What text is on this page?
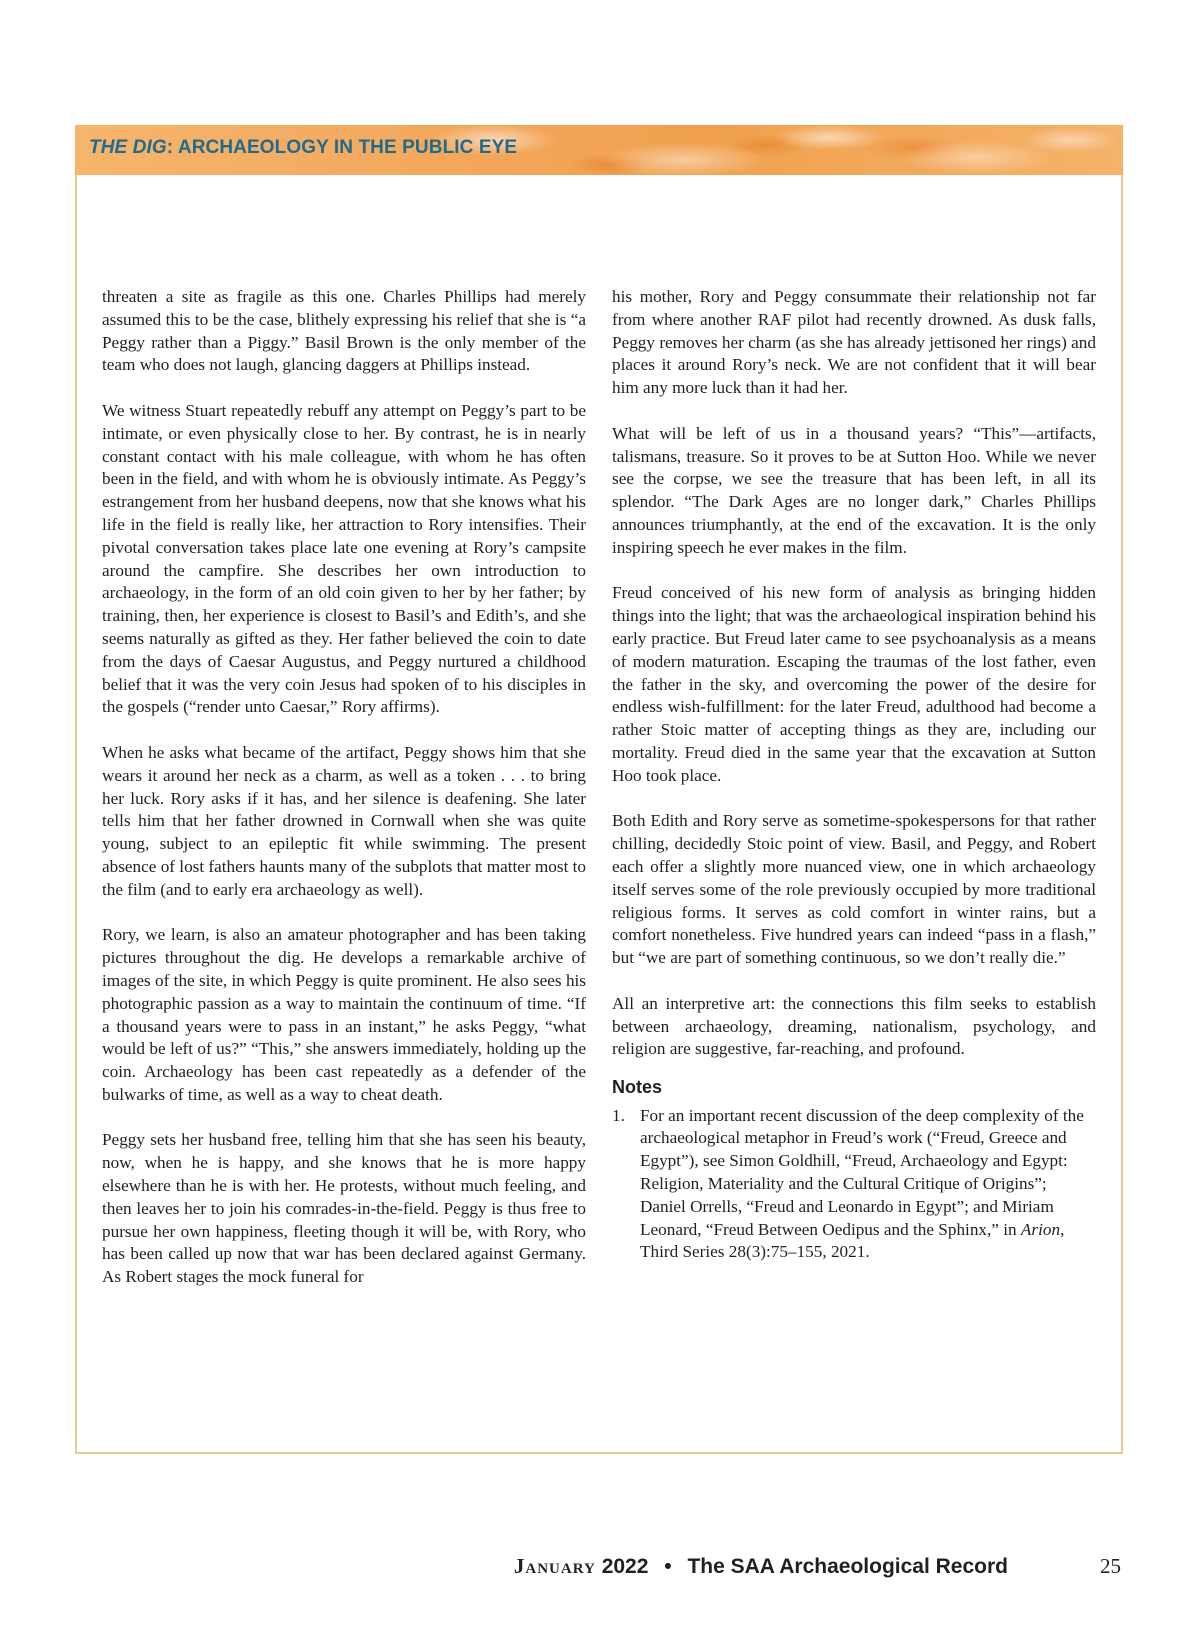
THE DIG: ARCHAEOLOGY IN THE PUBLIC EYE

threaten a site as fragile as this one. Charles Phillips had merely assumed this to be the case, blithely expressing his relief that she is “a Peggy rather than a Piggy.” Basil Brown is the only member of the team who does not laugh, glancing daggers at Phillips instead.

We witness Stuart repeatedly rebuff any attempt on Peggy’s part to be intimate, or even physically close to her. By contrast, he is in nearly constant contact with his male colleague, with whom he has often been in the field, and with whom he is obviously intimate. As Peggy’s estrangement from her husband deepens, now that she knows what his life in the field is really like, her attraction to Rory intensifies. Their pivotal conversation takes place late one evening at Rory’s campsite around the campfire. She describes her own introduction to archaeology, in the form of an old coin given to her by her father; by training, then, her experience is closest to Basil’s and Edith’s, and she seems naturally as gifted as they. Her father believed the coin to date from the days of Caesar Augustus, and Peggy nurtured a childhood belief that it was the very coin Jesus had spoken of to his disciples in the gospels (“render unto Caesar,” Rory affirms).

When he asks what became of the artifact, Peggy shows him that she wears it around her neck as a charm, as well as a token . . . to bring her luck. Rory asks if it has, and her silence is deafening. She later tells him that her father drowned in Cornwall when she was quite young, subject to an epileptic fit while swimming. The present absence of lost fathers haunts many of the subplots that matter most to the film (and to early era archaeology as well).

Rory, we learn, is also an amateur photographer and has been taking pictures throughout the dig. He develops a remarkable archive of images of the site, in which Peggy is quite prominent. He also sees his photographic passion as a way to maintain the continuum of time. “If a thousand years were to pass in an instant,” he asks Peggy, “what would be left of us?” “This,” she answers immediately, holding up the coin. Archaeology has been cast repeatedly as a defender of the bulwarks of time, as well as a way to cheat death.

Peggy sets her husband free, telling him that she has seen his beauty, now, when he is happy, and she knows that he is more happy elsewhere than he is with her. He protests, without much feeling, and then leaves her to join his comrades-in-the-field. Peggy is thus free to pursue her own happiness, fleeting though it will be, with Rory, who has been called up now that war has been declared against Germany. As Robert stages the mock funeral for

his mother, Rory and Peggy consummate their relationship not far from where another RAF pilot had recently drowned. As dusk falls, Peggy removes her charm (as she has already jettisoned her rings) and places it around Rory’s neck. We are not confident that it will bear him any more luck than it had her.

What will be left of us in a thousand years? “This”—artifacts, talismans, treasure. So it proves to be at Sutton Hoo. While we never see the corpse, we see the treasure that has been left, in all its splendor. “The Dark Ages are no longer dark,” Charles Phillips announces triumphantly, at the end of the excavation. It is the only inspiring speech he ever makes in the film.

Freud conceived of his new form of analysis as bringing hidden things into the light; that was the archaeological inspiration behind his early practice. But Freud later came to see psychoanalysis as a means of modern maturation. Escaping the traumas of the lost father, even the father in the sky, and overcoming the power of the desire for endless wish-fulfillment: for the later Freud, adulthood had become a rather Stoic matter of accepting things as they are, including our mortality. Freud died in the same year that the excavation at Sutton Hoo took place.

Both Edith and Rory serve as sometime-spokespersons for that rather chilling, decidedly Stoic point of view. Basil, and Peggy, and Robert each offer a slightly more nuanced view, one in which archaeology itself serves some of the role previously occupied by more traditional religious forms. It serves as cold comfort in winter rains, but a comfort nonetheless. Five hundred years can indeed “pass in a flash,” but “we are part of something continuous, so we don’t really die.”

All an interpretive art: the connections this film seeks to establish between archaeology, dreaming, nationalism, psychology, and religion are suggestive, far-reaching, and profound.

Notes
1. For an important recent discussion of the deep complexity of the archaeological metaphor in Freud’s work (“Freud, Greece and Egypt”), see Simon Goldhill, “Freud, Archaeology and Egypt: Religion, Materiality and the Cultural Critique of Origins”; Daniel Orrells, “Freud and Leonardo in Egypt”; and Miriam Leonard, “Freud Between Oedipus and the Sphinx,” in Arion, Third Series 28(3):75–155, 2021.
January 2022 • The SAA Archaeological Record	25
